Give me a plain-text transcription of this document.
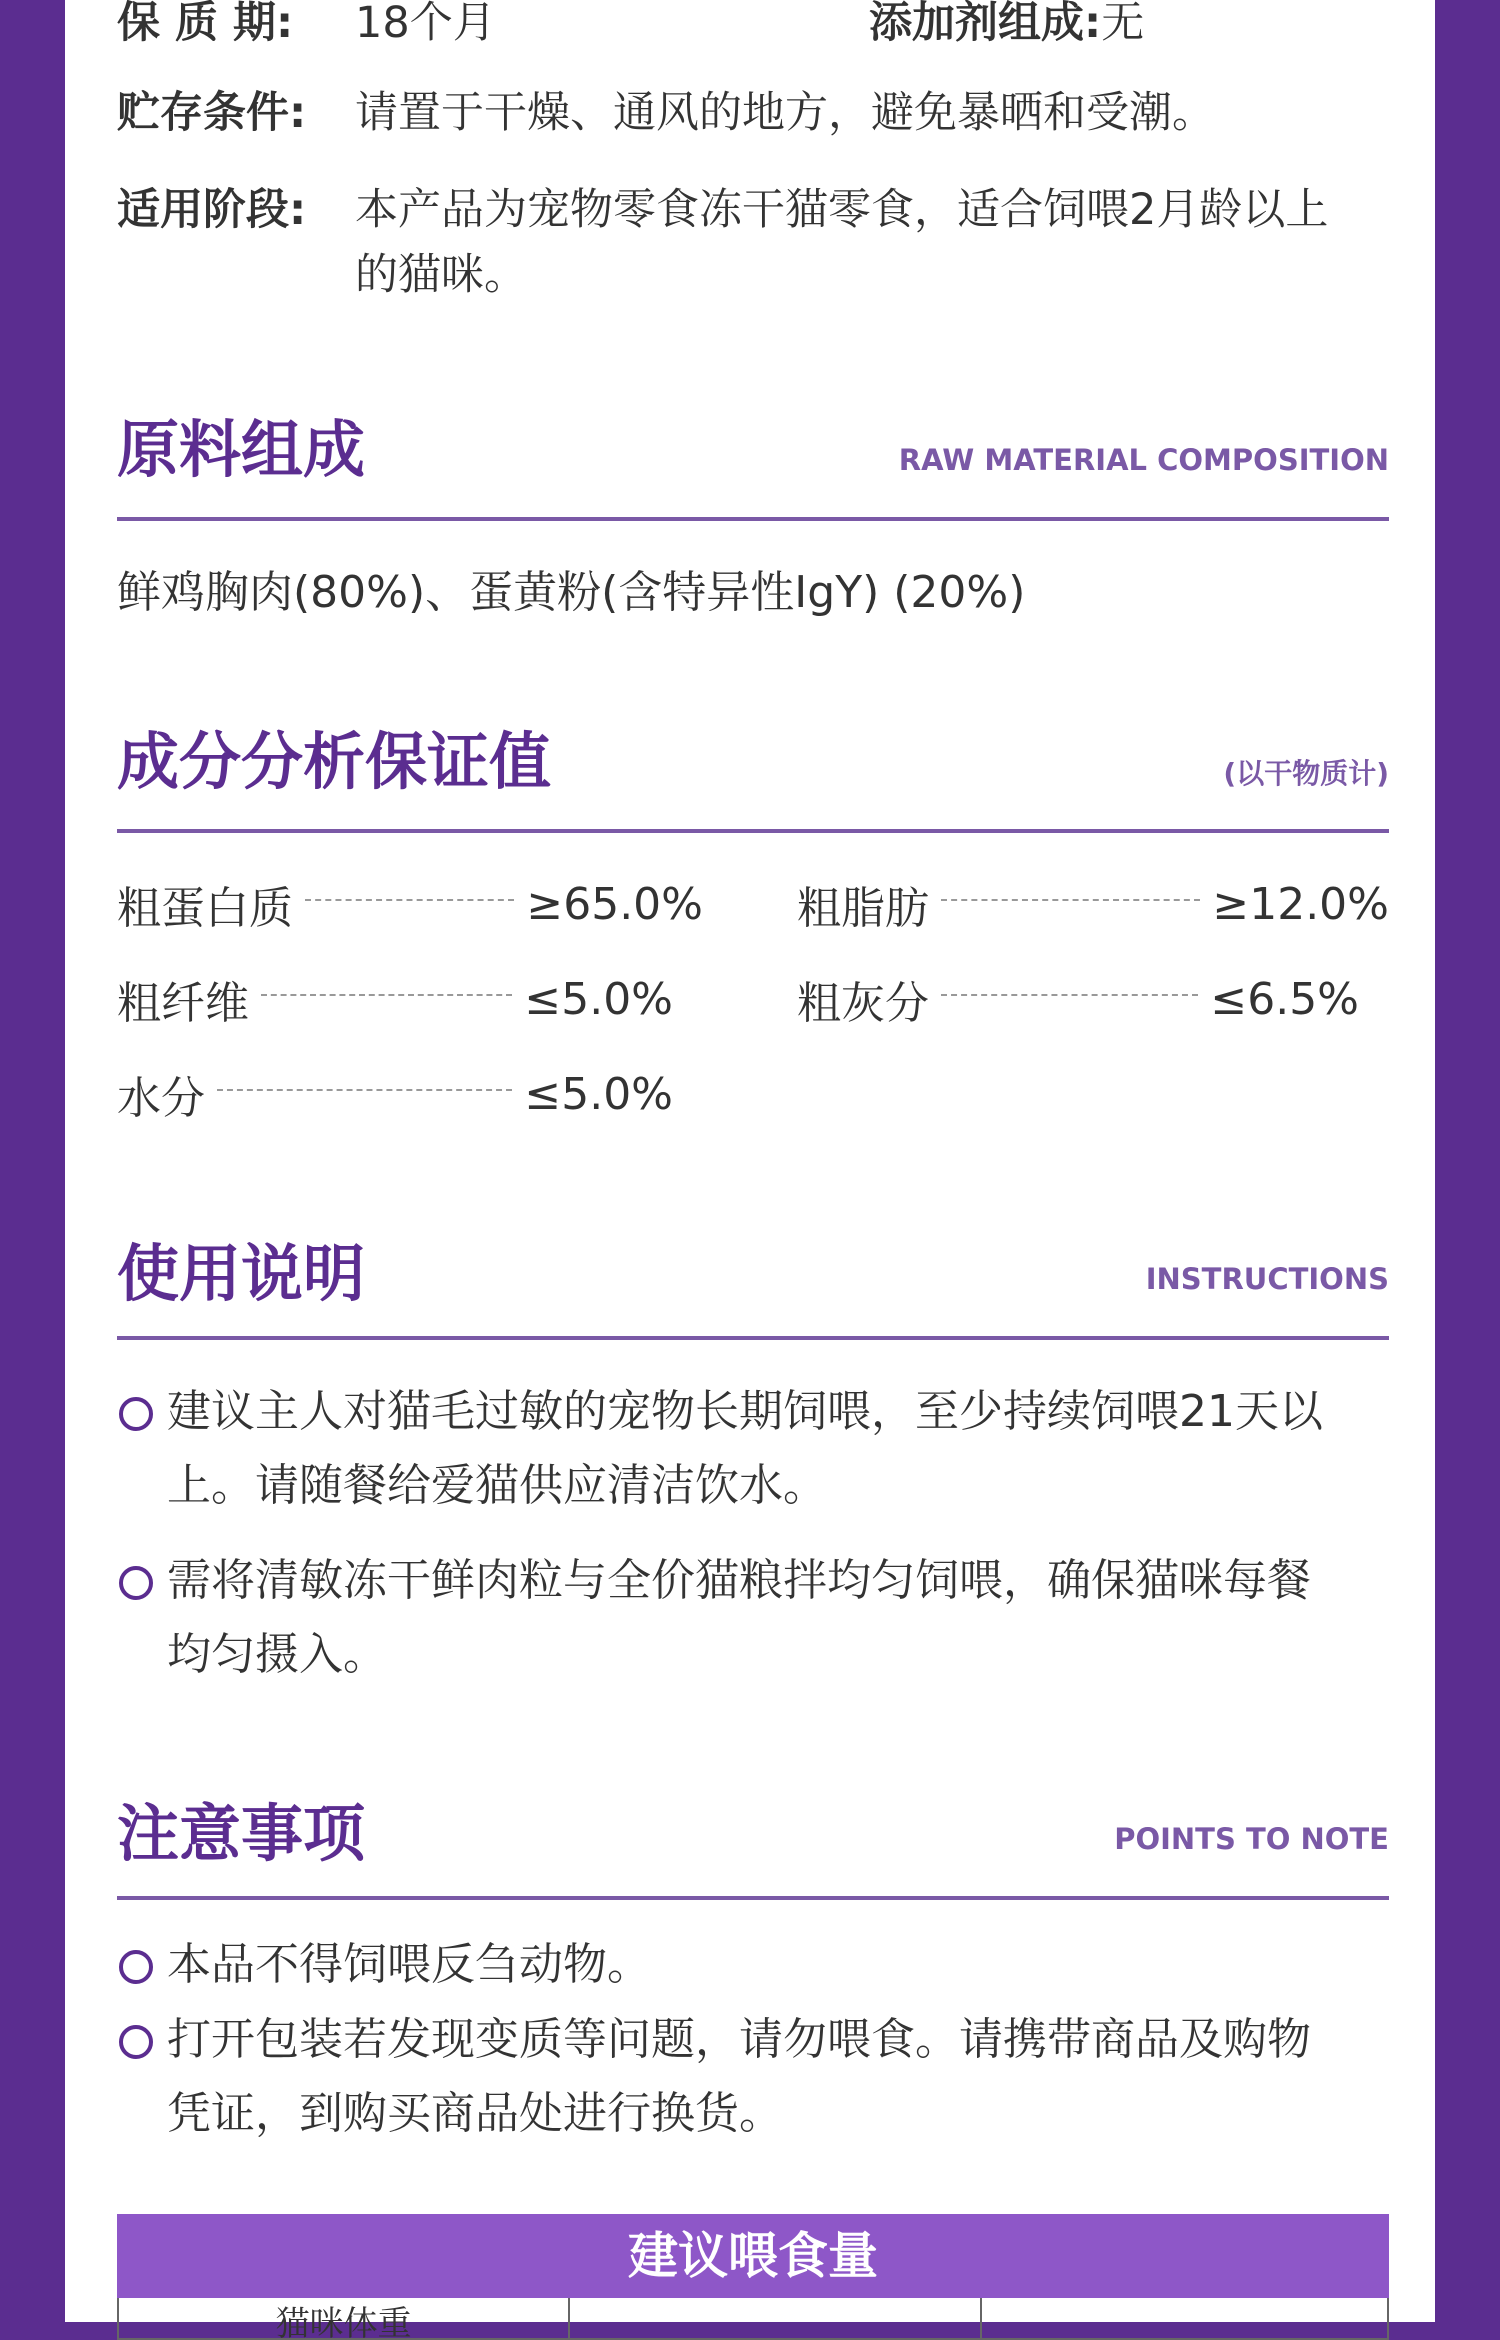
保 质 期: 18个月	添加剂组成:无
贮存条件: 请置于干燥、通风的地方，避免暴晒和受潮。
适用阶段: 本产品为宠物零食冻干猫零食，适合饲喂2月龄以上
的猫咪。
原料组成	RAW MATERIAL COMPOSITION
鲜鸡胸肉(80%)、蛋黄粉(含特异性IgY) (20%)
成分分析保证值	(以干物质计)
粗蛋白质	≥65.0% 粗脂肪	≥12.0%
粗纤维	≤5.0%	粗灰分	≤6.5%
水分	≤5.0%
使用说明	INSTRUCTIONS
建议主人对猫毛过敏的宠物长期饲喂，至少持续饲喂21天以
上。请随餐给爱猫供应清洁饮水。
需将清敏冻干鲜肉粒与全价猫粮拌均匀饲喂，确保猫咪每餐
均匀摄入。
注意事项	POINTS TO NOTE
本品不得饲喂反刍动物。
打开包装若发现变质等问题，请勿喂食。请携带商品及购物
凭证，到购买商品处进行换货。
建议喂食量
猫咪体重
